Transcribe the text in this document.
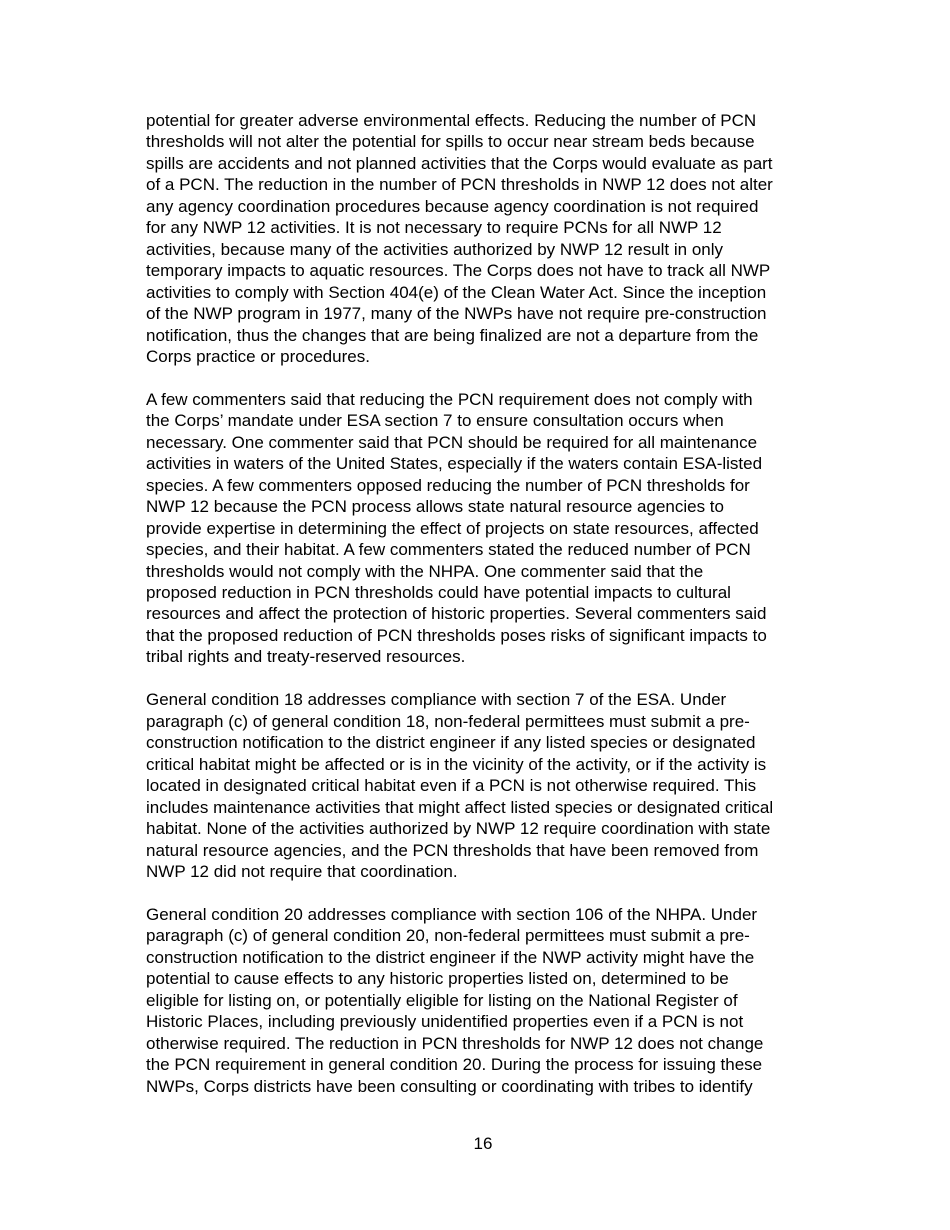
potential for greater adverse environmental effects. Reducing the number of PCN
thresholds will not alter the potential for spills to occur near stream beds because
spills are accidents and not planned activities that the Corps would evaluate as part
of a PCN. The reduction in the number of PCN thresholds in NWP 12 does not alter
any agency coordination procedures because agency coordination is not required
for any NWP 12 activities. It is not necessary to require PCNs for all NWP 12
activities, because many of the activities authorized by NWP 12 result in only
temporary impacts to aquatic resources. The Corps does not have to track all NWP
activities to comply with Section 404(e) of the Clean Water Act. Since the inception
of the NWP program in 1977, many of the NWPs have not require pre-construction
notification, thus the changes that are being finalized are not a departure from the
Corps practice or procedures.

A few commenters said that reducing the PCN requirement does not comply with
the Corps’ mandate under ESA section 7 to ensure consultation occurs when
necessary. One commenter said that PCN should be required for all maintenance
activities in waters of the United States, especially if the waters contain ESA-listed
species. A few commenters opposed reducing the number of PCN thresholds for
NWP 12 because the PCN process allows state natural resource agencies to
provide expertise in determining the effect of projects on state resources, affected
species, and their habitat. A few commenters stated the reduced number of PCN
thresholds would not comply with the NHPA. One commenter said that the
proposed reduction in PCN thresholds could have potential impacts to cultural
resources and affect the protection of historic properties. Several commenters said
that the proposed reduction of PCN thresholds poses risks of significant impacts to
tribal rights and treaty-reserved resources.

General condition 18 addresses compliance with section 7 of the ESA. Under
paragraph (c) of general condition 18, non-federal permittees must submit a pre-
construction notification to the district engineer if any listed species or designated
critical habitat might be affected or is in the vicinity of the activity, or if the activity is
located in designated critical habitat even if a PCN is not otherwise required. This
includes maintenance activities that might affect listed species or designated critical
habitat. None of the activities authorized by NWP 12 require coordination with state
natural resource agencies, and the PCN thresholds that have been removed from
NWP 12 did not require that coordination.

General condition 20 addresses compliance with section 106 of the NHPA. Under
paragraph (c) of general condition 20, non-federal permittees must submit a pre-
construction notification to the district engineer if the NWP activity might have the
potential to cause effects to any historic properties listed on, determined to be
eligible for listing on, or potentially eligible for listing on the National Register of
Historic Places, including previously unidentified properties even if a PCN is not
otherwise required. The reduction in PCN thresholds for NWP 12 does not change
the PCN requirement in general condition 20. During the process for issuing these
NWPs, Corps districts have been consulting or coordinating with tribes to identify

16
